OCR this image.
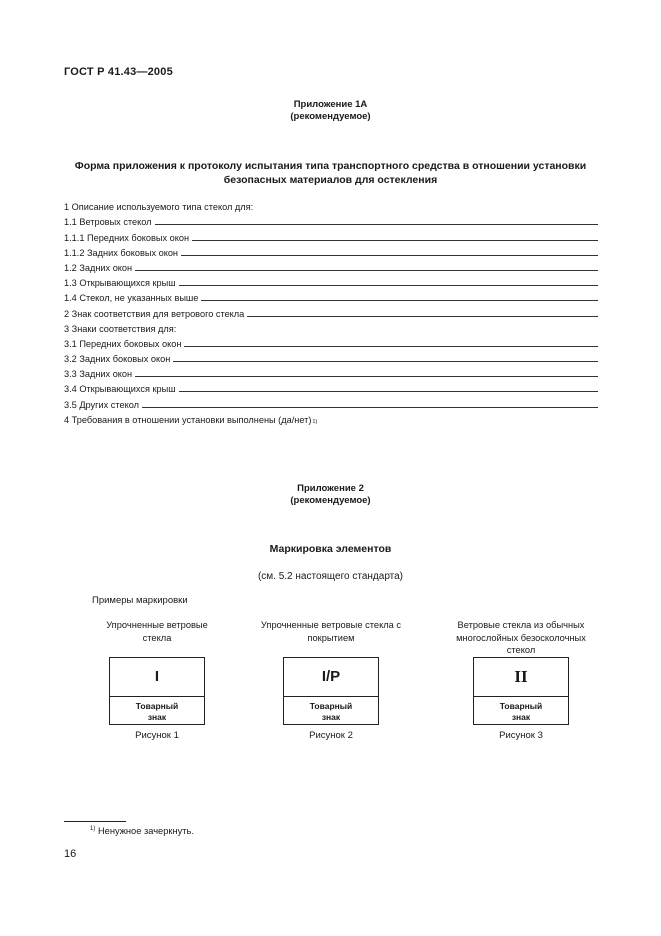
ГОСТ Р 41.43—2005
Приложение 1А
(рекомендуемое)
Форма приложения к протоколу испытания типа транспортного средства в отношении установки
безопасных материалов для остекления
1 Описание используемого типа стекол для:
1.1 Ветровых стекол
1.1.1 Передних боковых окон
1.1.2 Задних боковых окон
1.2 Задних окон
1.3 Открывающихся крыш
1.4 Стекол, не указанных выше
2 Знак соответствия для ветрового стекла
3 Знаки соответствия для:
3.1 Передних боковых окон
3.2 Задних боковых окон
3.3 Задних окон
3.4 Открывающихся крыш
3.5 Других стекол
4 Требования в отношении установки выполнены (да/нет) 1)
Приложение 2
(рекомендуемое)
Маркировка элементов
(см. 5.2 настоящего стандарта)
Примеры маркировки
Упрочненные ветровые
стекла
I
Товарный
знак
Рисунок 1
Упрочненные ветровые стекла с
покрытием
I/P
Товарный
знак
Рисунок 2
Ветровые стекла из обычных
многослойных безосколочных
стекол
II
Товарный
знак
Рисунок 3
$^{1)}$ Ненужное зачеркнуть.
16
